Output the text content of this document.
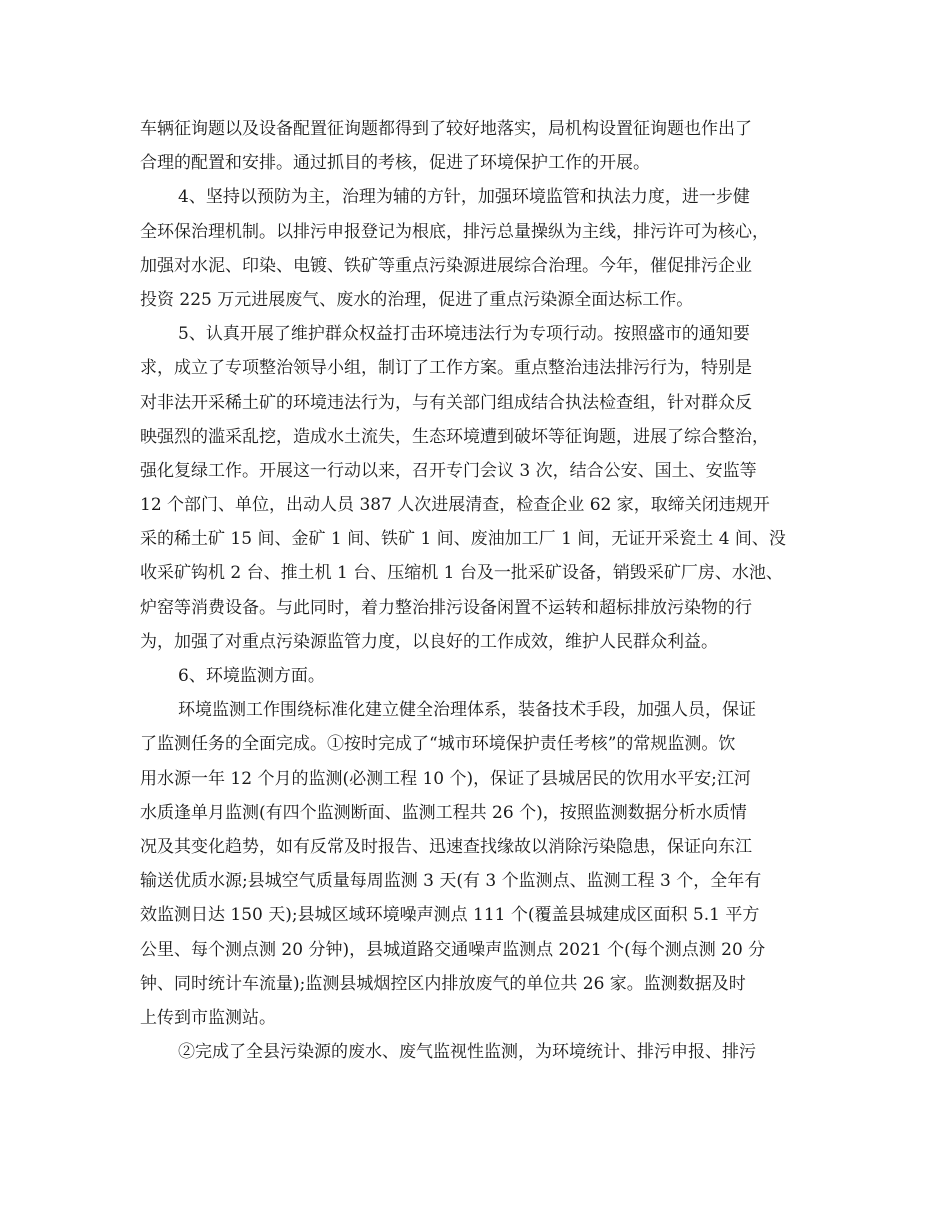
车辆征询题以及设备配置征询题都得到了较好地落实，局机构设置征询题也作出了
合理的配置和安排。通过抓目的考核，促进了环境保护工作的开展。
4、坚持以预防为主，治理为辅的方针，加强环境监管和执法力度，进一步健
全环保治理机制。以排污申报登记为根底，排污总量操纵为主线，排污许可为核心，
加强对水泥、印染、电镀、铁矿等重点污染源进展综合治理。今年，催促排污企业
投资 225 万元进展废气、废水的治理，促进了重点污染源全面达标工作。
5、认真开展了维护群众权益打击环境违法行为专项行动。按照盛市的通知要
求，成立了专项整治领导小组，制订了工作方案。重点整治违法排污行为，特别是
对非法开采稀土矿的环境违法行为，与有关部门组成结合执法检查组，针对群众反
映强烈的滥采乱挖，造成水土流失，生态环境遭到破坏等征询题，进展了综合整治，
强化复绿工作。开展这一行动以来，召开专门会议 3 次，结合公安、国土、安监等
12 个部门、单位，出动人员 387 人次进展清查，检查企业 62 家，取缔关闭违规开
采的稀土矿 15 间、金矿 1 间、铁矿 1 间、废油加工厂 1 间，无证开采瓷土 4 间、没
收采矿钩机 2 台、推土机 1 台、压缩机 1 台及一批采矿设备，销毁采矿厂房、水池、
炉窑等消费设备。与此同时，着力整治排污设备闲置不运转和超标排放污染物的行
为，加强了对重点污染源监管力度，以良好的工作成效，维护人民群众利益。
6、环境监测方面。
环境监测工作围绕标准化建立健全治理体系，装备技术手段，加强人员，保证
了监测任务的全面完成。①按时完成了“城市环境保护责任考核”的常规监测。饮
用水源一年 12 个月的监测(必测工程 10 个)，保证了县城居民的饮用水平安;江河
水质逢单月监测(有四个监测断面、监测工程共 26 个)，按照监测数据分析水质情
况及其变化趋势，如有反常及时报告、迅速查找缘故以消除污染隐患，保证向东江
输送优质水源;县城空气质量每周监测 3 天(有 3 个监测点、监测工程 3 个，全年有
效监测日达 150 天);县城区域环境噪声测点 111 个(覆盖县城建成区面积 5.1 平方
公里、每个测点测 20 分钟)，县城道路交通噪声监测点 2021 个(每个测点测 20 分
钟、同时统计车流量);监测县城烟控区内排放废气的单位共 26 家。监测数据及时
上传到市监测站。
②完成了全县污染源的废水、废气监视性监测，为环境统计、排污申报、排污
